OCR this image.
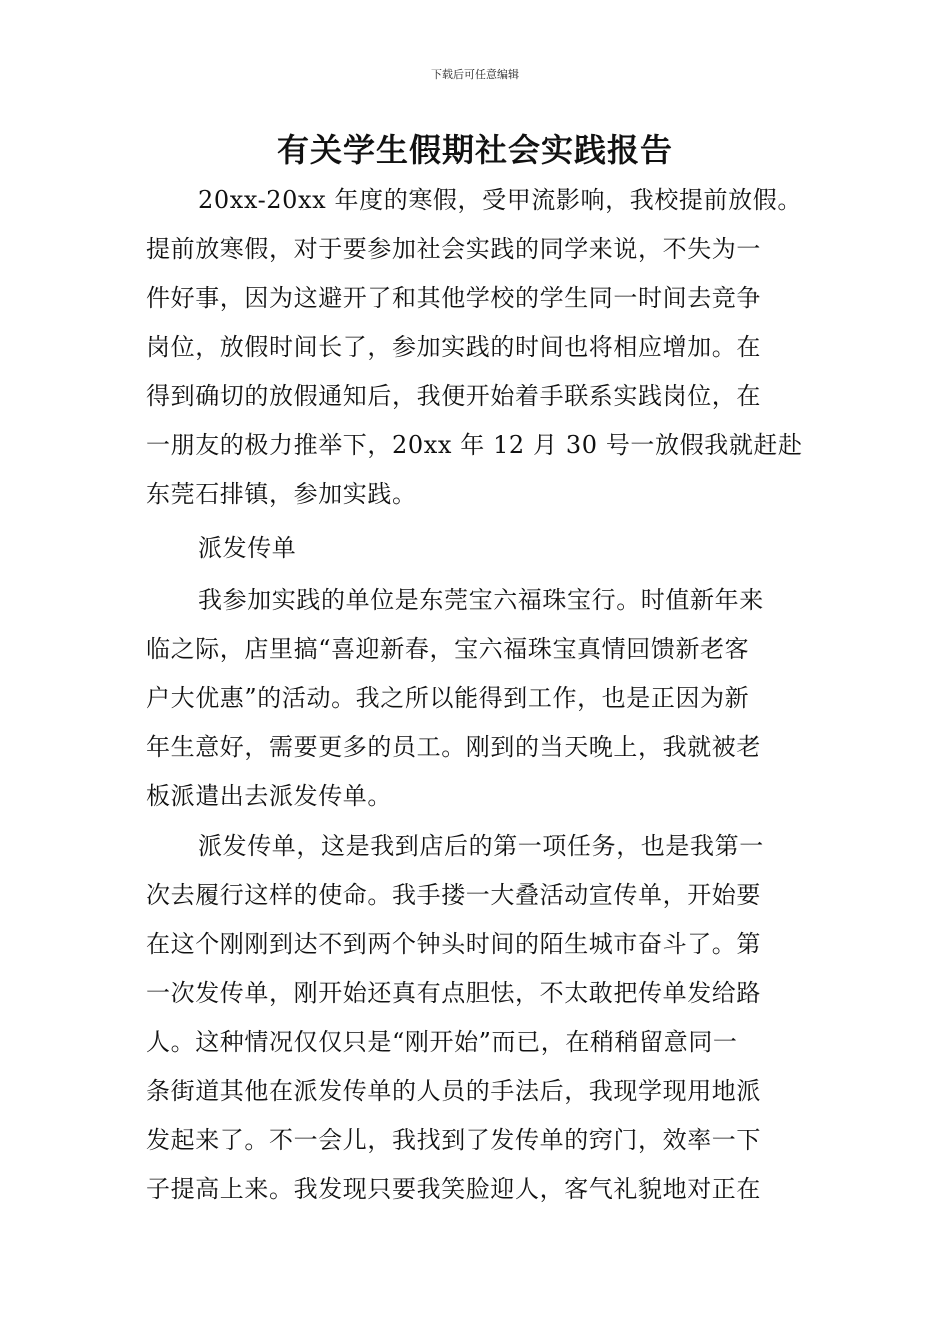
下载后可任意编辑
有关学生假期社会实践报告
20xx-20xx 年度的寒假，受甲流影响，我校提前放假。
提前放寒假，对于要参加社会实践的同学来说，不失为一
件好事，因为这避开了和其他学校的学生同一时间去竞争
岗位，放假时间长了，参加实践的时间也将相应增加。在
得到确切的放假通知后，我便开始着手联系实践岗位，在
一朋友的极力推举下，20xx 年 12 月 30 号一放假我就赶赴
东莞石排镇，参加实践。
派发传单
我参加实践的单位是东莞宝六福珠宝行。时值新年来
临之际，店里搞“喜迎新春，宝六福珠宝真情回馈新老客
户大优惠”的活动。我之所以能得到工作，也是正因为新
年生意好，需要更多的员工。刚到的当天晚上，我就被老
板派遣出去派发传单。
派发传单，这是我到店后的第一项任务，也是我第一
次去履行这样的使命。我手搂一大叠活动宣传单，开始要
在这个刚刚到达不到两个钟头时间的陌生城市奋斗了。第
一次发传单，刚开始还真有点胆怯，不太敢把传单发给路
人。这种情况仅仅只是“刚开始”而已，在稍稍留意同一
条街道其他在派发传单的人员的手法后，我现学现用地派
发起来了。不一会儿，我找到了发传单的窍门，效率一下
子提高上来。我发现只要我笑脸迎人，客气礼貌地对正在
